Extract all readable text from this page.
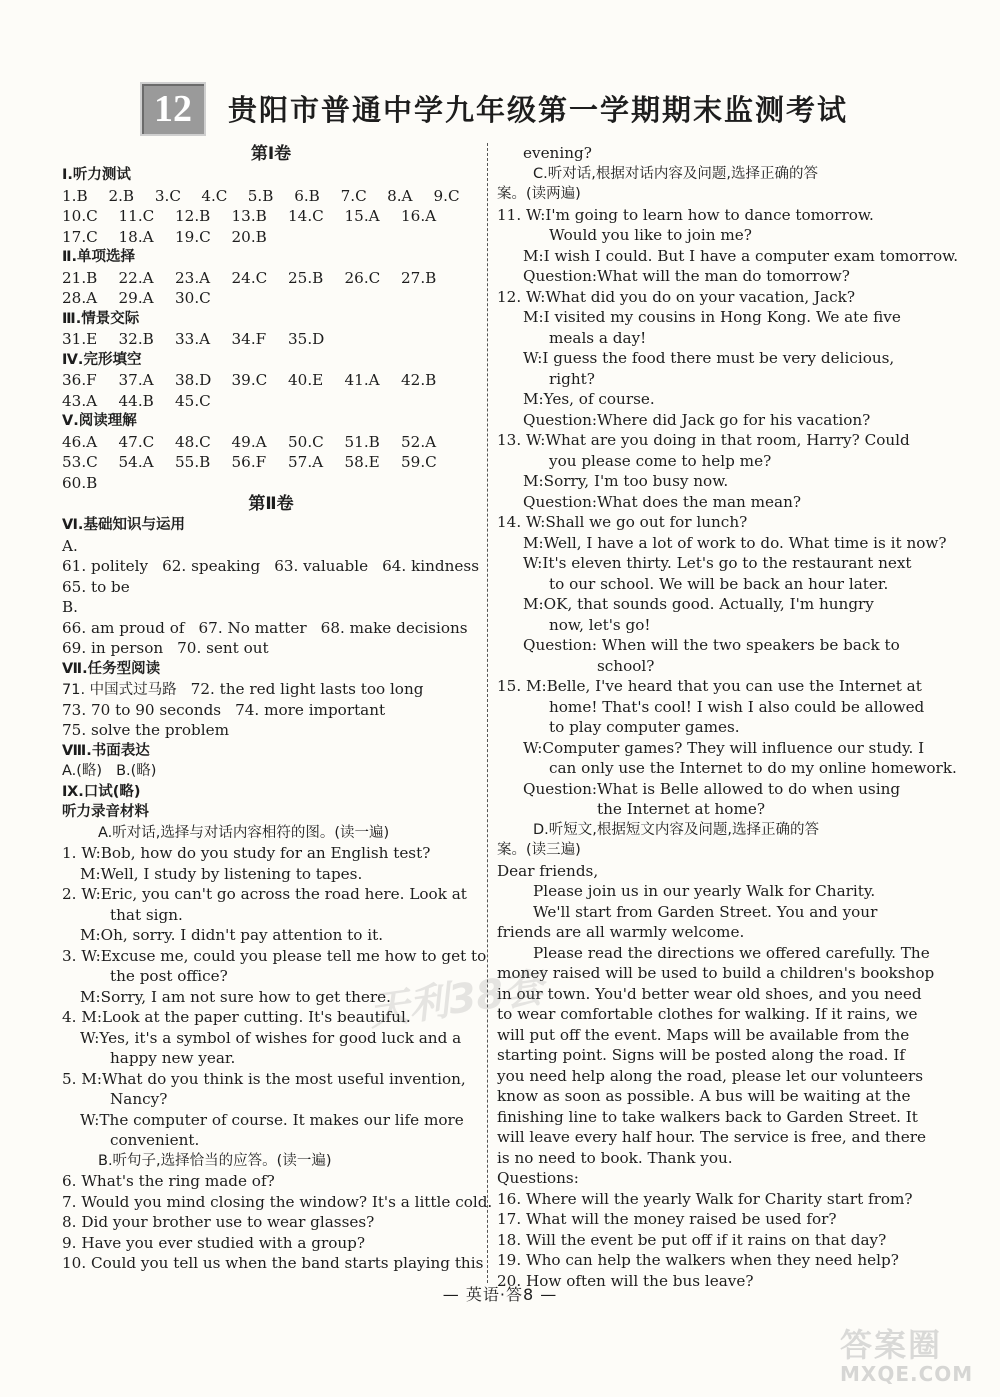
12	贵阳市普通中学九年级第一学期期末监测考试
第Ⅰ卷
Ⅰ.听力测试
1.B	2.B	3.C	4.C	5.B	6.B	7.C	8.A	9.C
10.C	11.C	12.B	13.B	14.C	15.A	16.A
17.C	18.A	19.C	20.B
Ⅱ.单项选择
21.B	22.A	23.A	24.C	25.B	26.C	27.B
28.A	29.A	30.C
Ⅲ.情景交际
31.E	32.B	33.A	34.F	35.D
Ⅳ.完形填空
36.F	37.A	38.D	39.C	40.E	41.A	42.B
43.A	44.B	45.C
Ⅴ.阅读理解
46.A	47.C	48.C	49.A	50.C	51.B	52.A
53.C	54.A	55.B	56.F	57.A	58.E	59.C
60.B
第Ⅱ卷
Ⅵ.基础知识与运用
A.
61. politely 62. speaking 63. valuable 64. kindness
65. to be
B.
66. am proud of 67. No matter 68. make decisions
69. in person 70. sent out
Ⅶ.任务型阅读
71. 中国式过马路 72. the red light lasts too long
73. 70 to 90 seconds 74. more important
75. solve the problem
Ⅷ.书面表达
A.(略) B.(略)
Ⅸ.口试(略)
听力录音材料
A.听对话,选择与对话内容相符的图。(读一遍)
1. W:Bob, how do you study for an English test?
M:Well, I study by listening to tapes.
2. W:Eric, you can't go across the road here. Look at
that sign.
M:Oh, sorry. I didn't pay attention to it.
3. W:Excuse me, could you please tell me how to get to
the post office?
M:Sorry, I am not sure how to get there.
4. M:Look at the paper cutting. It's beautiful.
W:Yes, it's a symbol of wishes for good luck and a
happy new year.
5. M:What do you think is the most useful invention,
Nancy?
W:The computer of course. It makes our life more
convenient.
B.听句子,选择恰当的应答。(读一遍)
6. What's the ring made of?
7. Would you mind closing the window? It's a little cold.
8. Did your brother use to wear glasses?
9. Have you ever studied with a group?
10. Could you tell us when the band starts playing this
evening?
C.听对话,根据对话内容及问题,选择正确的答
案。(读两遍)
11. W:I'm going to learn how to dance tomorrow.
Would you like to join me?
M:I wish I could. But I have a computer exam tomorrow.
Question:What will the man do tomorrow?
12. W:What did you do on your vacation, Jack?
M:I visited my cousins in Hong Kong. We ate five
meals a day!
W:I guess the food there must be very delicious,
right?
M:Yes, of course.
Question:Where did Jack go for his vacation?
13. W:What are you doing in that room, Harry? Could
you please come to help me?
M:Sorry, I'm too busy now.
Question:What does the man mean?
14. W:Shall we go out for lunch?
M:Well, I have a lot of work to do. What time is it now?
W:It's eleven thirty. Let's go to the restaurant next
to our school. We will be back an hour later.
M:OK, that sounds good. Actually, I'm hungry
now, let's go!
Question: When will the two speakers be back to
school?
15. M:Belle, I've heard that you can use the Internet at
home! That's cool! I wish I also could be allowed
to play computer games.
W:Computer games? They will influence our study. I
can only use the Internet to do my online homework.
Question:What is Belle allowed to do when using
the Internet at home?
D.听短文,根据短文内容及问题,选择正确的答
案。(读三遍)
Dear friends,
Please join us in our yearly Walk for Charity.
We'll start from Garden Street. You and your
friends are all warmly welcome.
Please read the directions we offered carefully. The
money raised will be used to build a children's bookshop
in our town. You'd better wear old shoes, and you need
to wear comfortable clothes for walking. If it rains, we
will put off the event. Maps will be available from the
starting point. Signs will be posted along the road. If
you need help along the road, please let our volunteers
know as soon as possible. A bus will be waiting at the
finishing line to take walkers back to Garden Street. It
will leave every half hour. The service is free, and there
is no need to book. Thank you.
Questions:
16. Where will the yearly Walk for Charity start from?
17. What will the money raised be used for?
18. Will the event be put off if it rains on that day?
19. Who can help the walkers when they need help?
20. How often will the bus leave?
— 英语·答8 —
天利38套
答案圈
MXQE.COM
